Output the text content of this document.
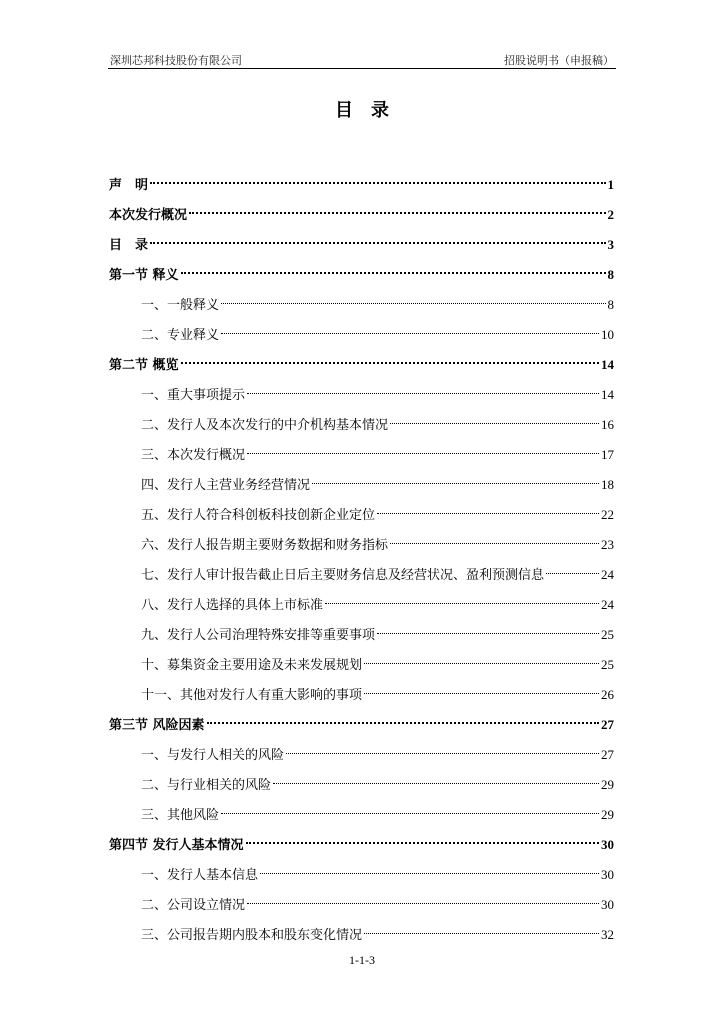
深圳芯邦科技股份有限公司	招股说明书（申报稿）
目录
声　明	1
本次发行概况	2
目　录	3
第一节 释义	8
一、一般释义	8
二、专业释义	10
第二节 概览	14
一、重大事项提示	14
二、发行人及本次发行的中介机构基本情况	16
三、本次发行概况	17
四、发行人主营业务经营情况	18
五、发行人符合科创板科技创新企业定位	22
六、发行人报告期主要财务数据和财务指标	23
七、发行人审计报告截止日后主要财务信息及经营状况、盈利预测信息	24
八、发行人选择的具体上市标准	24
九、发行人公司治理特殊安排等重要事项	25
十、募集资金主要用途及未来发展规划	25
十一、其他对发行人有重大影响的事项	26
第三节 风险因素	27
一、与发行人相关的风险	27
二、与行业相关的风险	29
三、其他风险	29
第四节 发行人基本情况	30
一、发行人基本信息	30
二、公司设立情况	30
三、公司报告期内股本和股东变化情况	32
1-1-3
